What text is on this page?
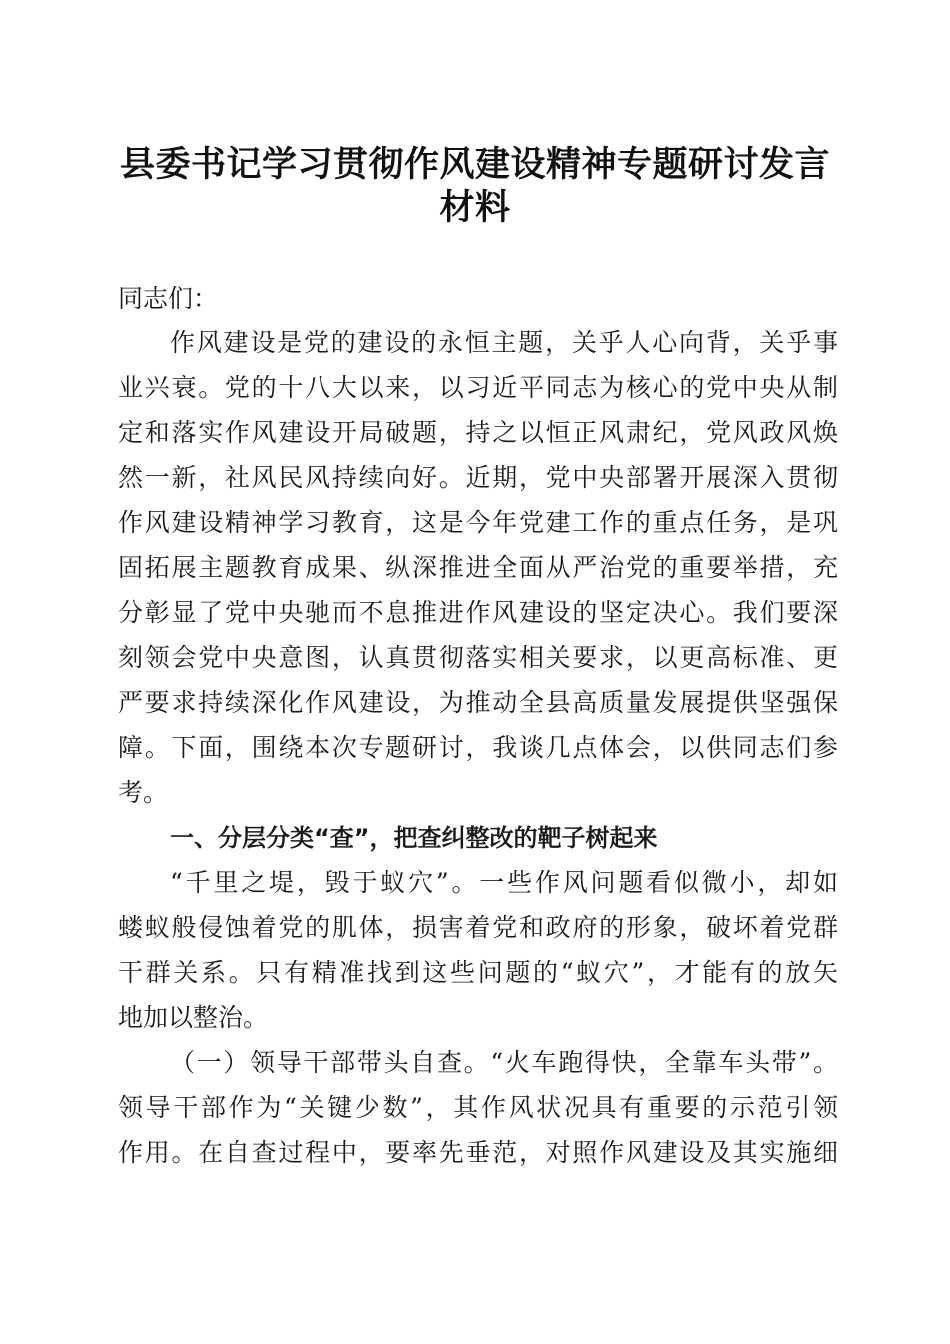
县委书记学习贯彻作风建设精神专题研讨发言
材料

同志们：

作风建设是党的建设的永恒主题，关乎人心向背，关乎事

业兴衰。党的十八大以来，以习近平同志为核心的党中央从制

定和落实作风建设开局破题，持之以恒正风肃纪，党风政风焕

然一新，社风民风持续向好。近期，党中央部署开展深入贯彻

作风建设精神学习教育，这是今年党建工作的重点任务，是巩

固拓展主题教育成果、纵深推进全面从严治党的重要举措，充

分彰显了党中央驰而不息推进作风建设的坚定决心。我们要深

刻领会党中央意图，认真贯彻落实相关要求，以更高标准、更

严要求持续深化作风建设，为推动全县高质量发展提供坚强保

障。下面，围绕本次专题研讨，我谈几点体会，以供同志们参

考。

一、分层分类“查”，把查纠整改的靶子树起来

“千里之堤，毁于蚁穴”。一些作风问题看似微小，却如

蝼蚁般侵蚀着党的肌体，损害着党和政府的形象，破坏着党群

干群关系。只有精准找到这些问题的“蚁穴”，才能有的放矢

地加以整治。

（一）领导干部带头自查。“火车跑得快，全靠车头带”。

领导干部作为“关键少数”，其作风状况具有重要的示范引领

作用。在自查过程中，要率先垂范，对照作风建设及其实施细
